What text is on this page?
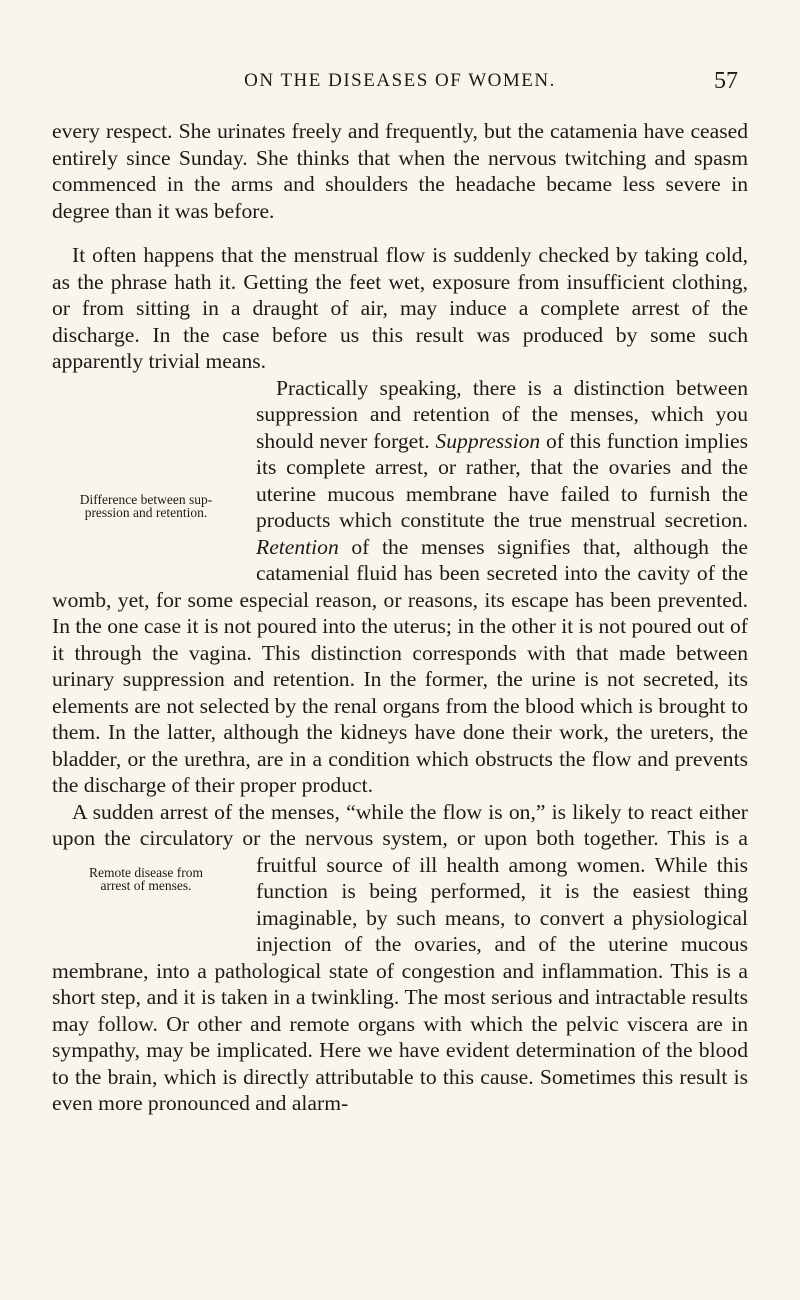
ON THE DISEASES OF WOMEN.	57

every respect. She urinates freely and frequently, but the catamenia have ceased entirely since Sunday. She thinks that when the nervous twitching and spasm commenced in the arms and shoulders the headache became less severe in degree than it was before.

It often happens that the menstrual flow is suddenly checked by taking cold, as the phrase hath it. Getting the feet wet, exposure from insufficient clothing, or from sitting in a draught of air, may induce a complete arrest of the discharge. In the case before us this result was produced by some such apparently trivial means.

Difference between sup-
pression and retention.
Practically speaking, there is a distinction between suppression and retention of the menses, which you should never forget. Suppression of this function implies its complete arrest, or rather, that the ovaries and the uterine mucous membrane have failed to furnish the products which constitute the true menstrual secretion. Retention of the menses signifies that, although the catamenial fluid has been secreted into the cavity of the womb, yet, for some especial reason, or reasons, its escape has been prevented. In the one case it is not poured into the uterus; in the other it is not poured out of it through the vagina. This distinction corresponds with that made between urinary suppression and retention. In the former, the urine is not secreted, its elements are not selected by the renal organs from the blood which is brought to them. In the latter, although the kidneys have done their work, the ureters, the bladder, or the urethra, are in a condition which obstructs the flow and prevents the discharge of their proper product.

A sudden arrest of the menses, “while the flow is on,” is likely to react either upon the circulatory or the nervous system, or upon both together. This is a fruitful source of ill health among women.
Remote disease from
arrest of menses.
While this function is being performed, it is the easiest thing imaginable, by such means, to convert a physiological injection of the ovaries, and of the uterine mucous membrane, into a pathological state of congestion and inflammation. This is a short step, and it is taken in a twinkling. The most serious and intractable results may follow. Or other and remote organs with which the pelvic viscera are in sympathy, may be implicated. Here we have evident determination of the blood to the brain, which is directly attributable to this cause. Sometimes this result is even more pronounced and alarm-
